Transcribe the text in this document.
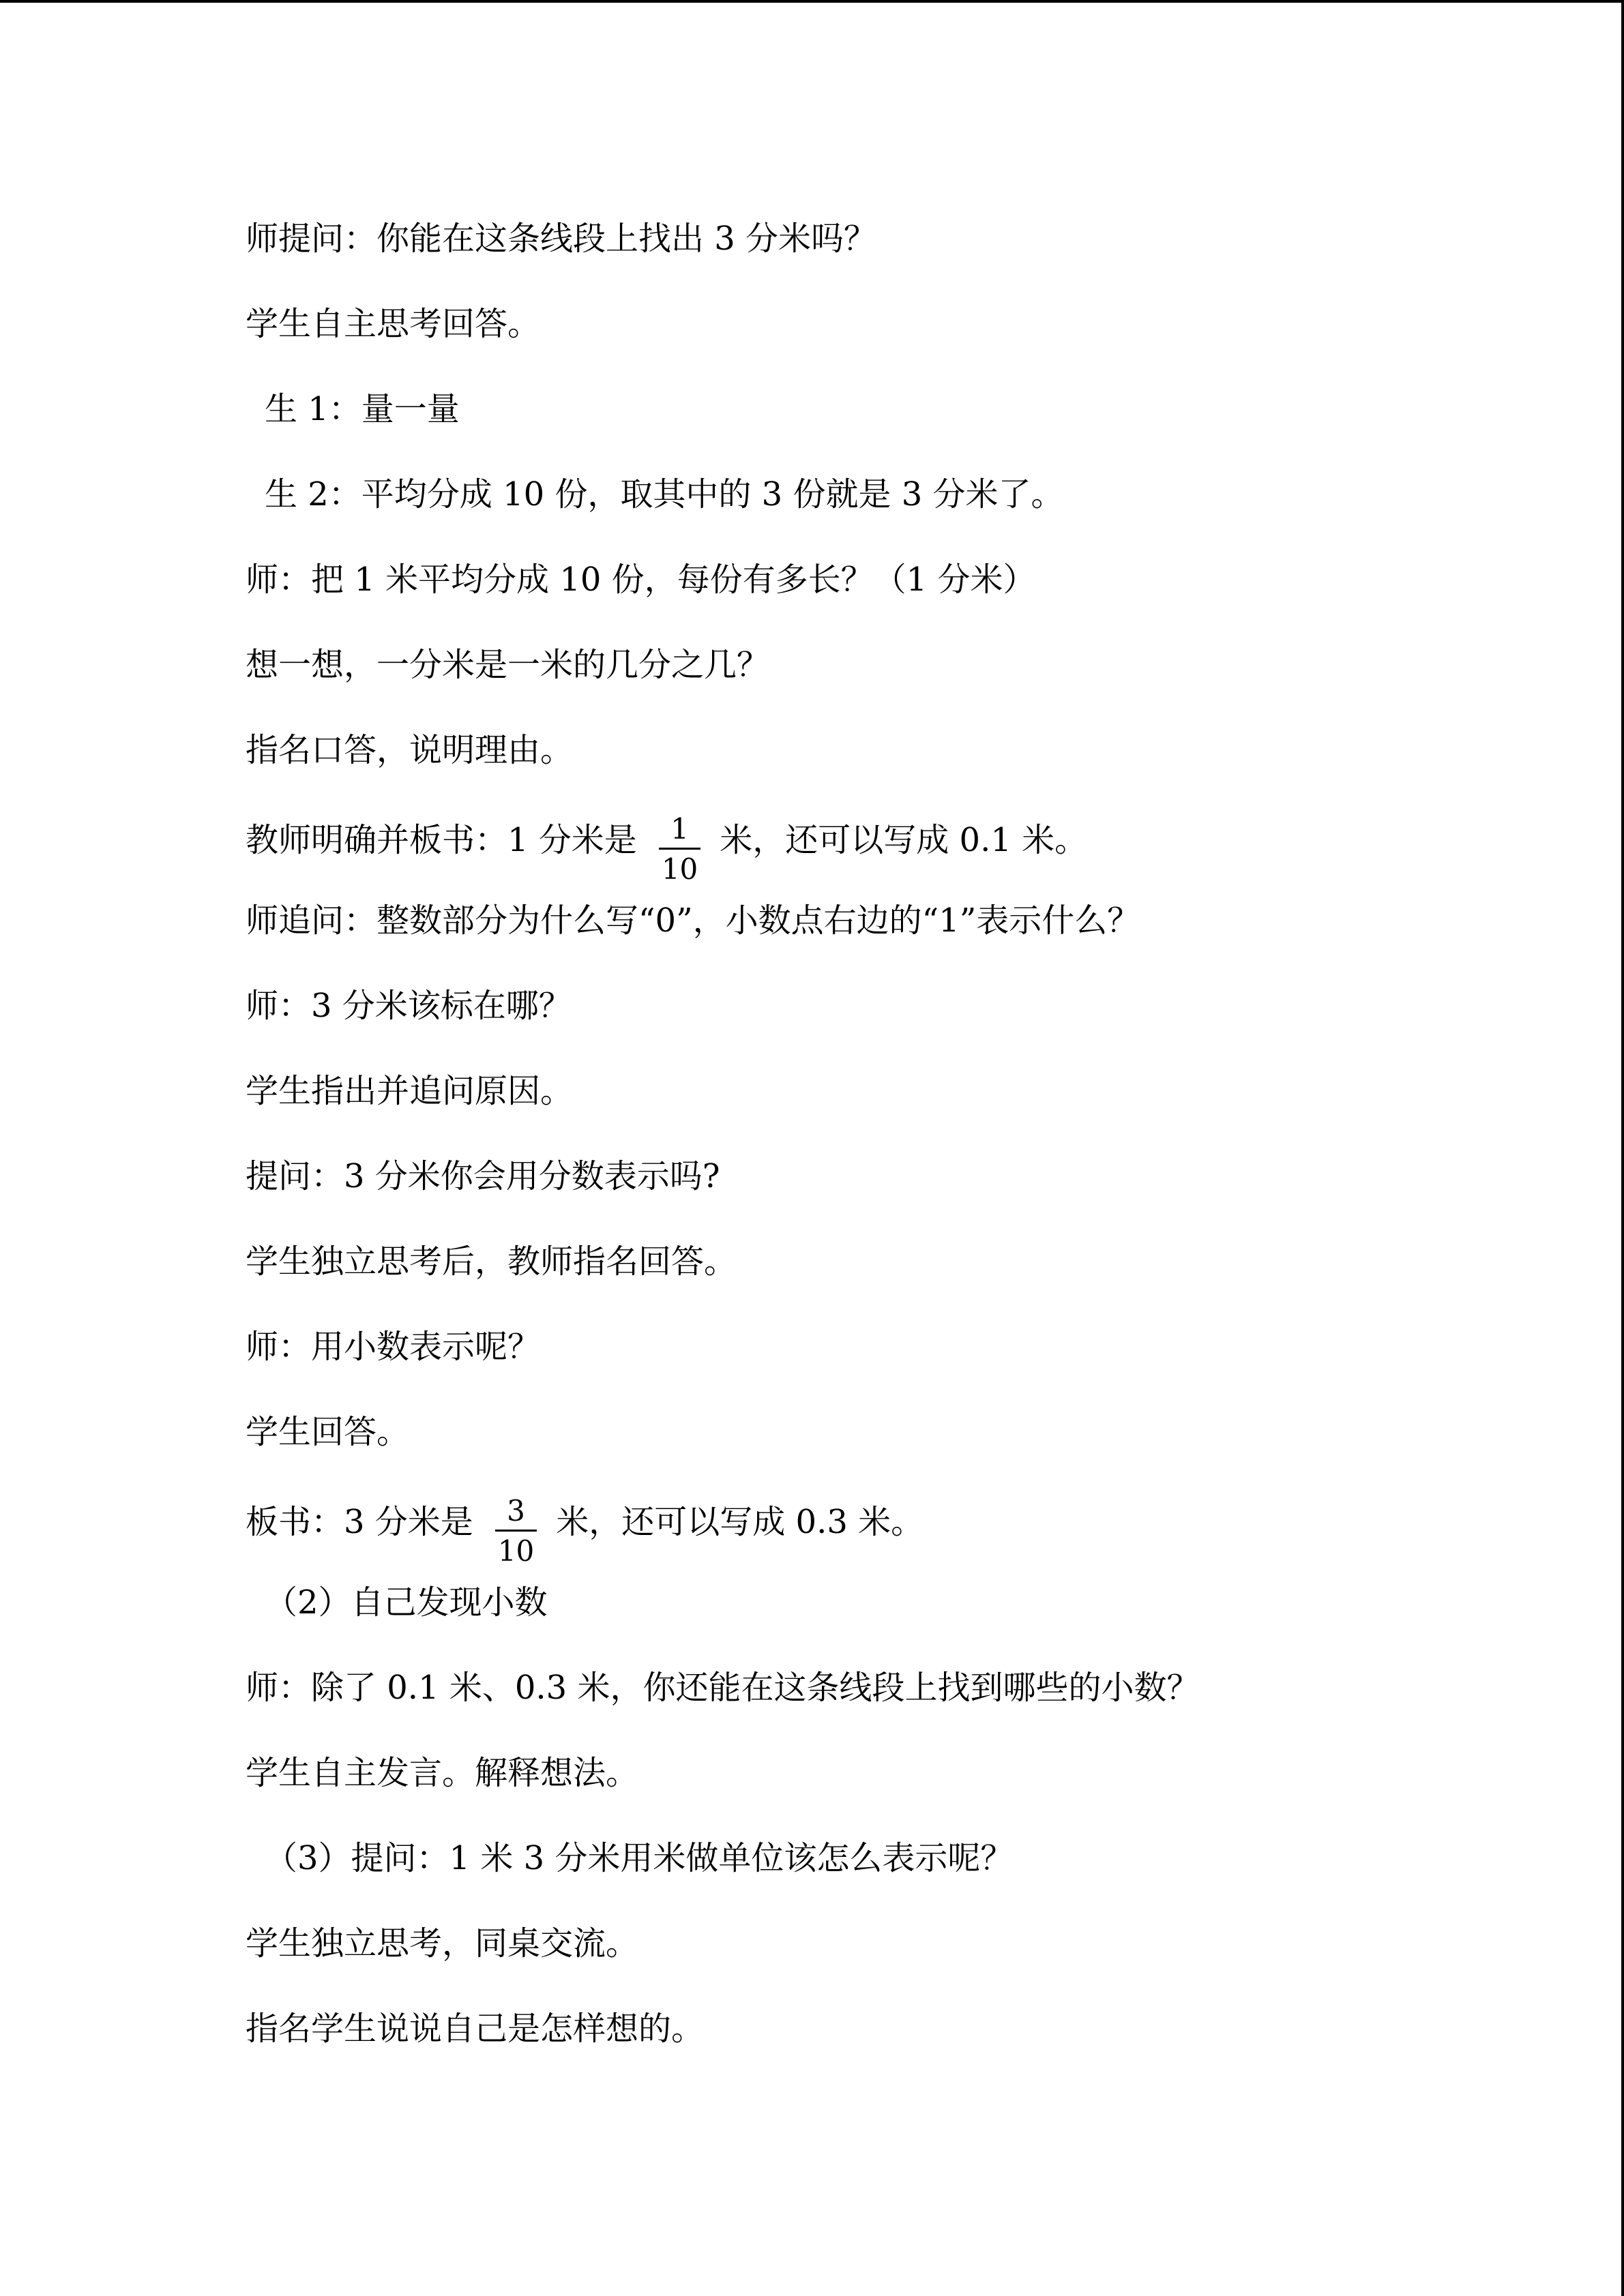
师提问：你能在这条线段上找出 3 分米吗？
学生自主思考回答。
生 1：量一量
生 2：平均分成 10 份，取其中的 3 份就是 3 分米了。
师：把 1 米平均分成 10 份，每份有多长？（1 分米）
想一想，一分米是一米的几分之几？
指名口答，说明理由。
教师明确并板书：1 分米是 $\frac{1}{10}$ 米，还可以写成 0.1 米。
师追问：整数部分为什么写“0”，小数点右边的“1”表示什么？
师：3 分米该标在哪？
学生指出并追问原因。
提问：3 分米你会用分数表示吗?
学生独立思考后，教师指名回答。
师：用小数表示呢？
学生回答。
板书：3 分米是 $\frac{3}{10}$ 米，还可以写成 0.3 米。
（2）自己发现小数
师：除了 0.1 米、0.3 米，你还能在这条线段上找到哪些的小数？
学生自主发言。解释想法。
（3）提问：1 米 3 分米用米做单位该怎么表示呢？
学生独立思考，同桌交流。
指名学生说说自己是怎样想的。
